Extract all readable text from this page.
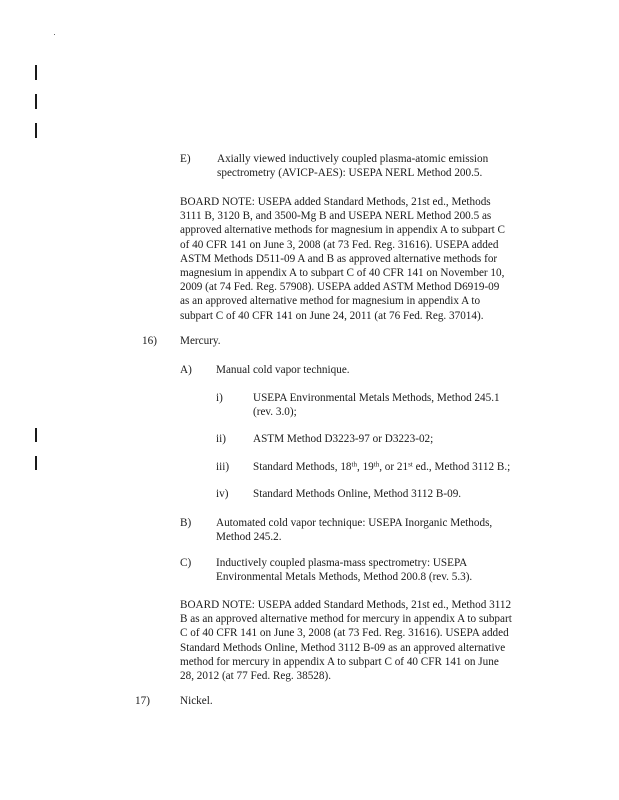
E) Axially viewed inductively coupled plasma-atomic emission
spectrometry (AVICP-AES): USEPA NERL Method 200.5.
BOARD NOTE: USEPA added Standard Methods, 21st ed., Methods
3111 B, 3120 B, and 3500-Mg B and USEPA NERL Method 200.5 as
approved alternative methods for magnesium in appendix A to subpart C
of 40 CFR 141 on June 3, 2008 (at 73 Fed. Reg. 31616). USEPA added
ASTM Methods D511-09 A and B as approved alternative methods for
magnesium in appendix A to subpart C of 40 CFR 141 on November 10,
2009 (at 74 Fed. Reg. 57908). USEPA added ASTM Method D6919-09
as an approved alternative method for magnesium in appendix A to
subpart C of 40 CFR 141 on June 24, 2011 (at 76 Fed. Reg. 37014).
16) Mercury.
A) Manual cold vapor technique.
i)	USEPA Environmental Metals Methods, Method 245.1
(rev. 3.0);
ii) ASTM Method D3223-97 or D3223-02;
iii) Standard Methods, 18th, 19th, or 21st ed., Method 3112 B.;
iv) Standard Methods Online, Method 3112 B-09.
B) Automated cold vapor technique: USEPA Inorganic Methods,
Method 245.2.
C) Inductively coupled plasma-mass spectrometry: USEPA
Environmental Metals Methods, Method 200.8 (rev. 5.3).
BOARD NOTE: USEPA added Standard Methods, 21st ed., Method 3112
B as an approved alternative method for mercury in appendix A to subpart
C of 40 CFR 141 on June 3, 2008 (at 73 Fed. Reg. 31616). USEPA added
Standard Methods Online, Method 3112 B-09 as an approved alternative
method for mercury in appendix A to subpart C of 40 CFR 141 on June
28, 2012 (at 77 Fed. Reg. 38528).
17)	Nickel.
